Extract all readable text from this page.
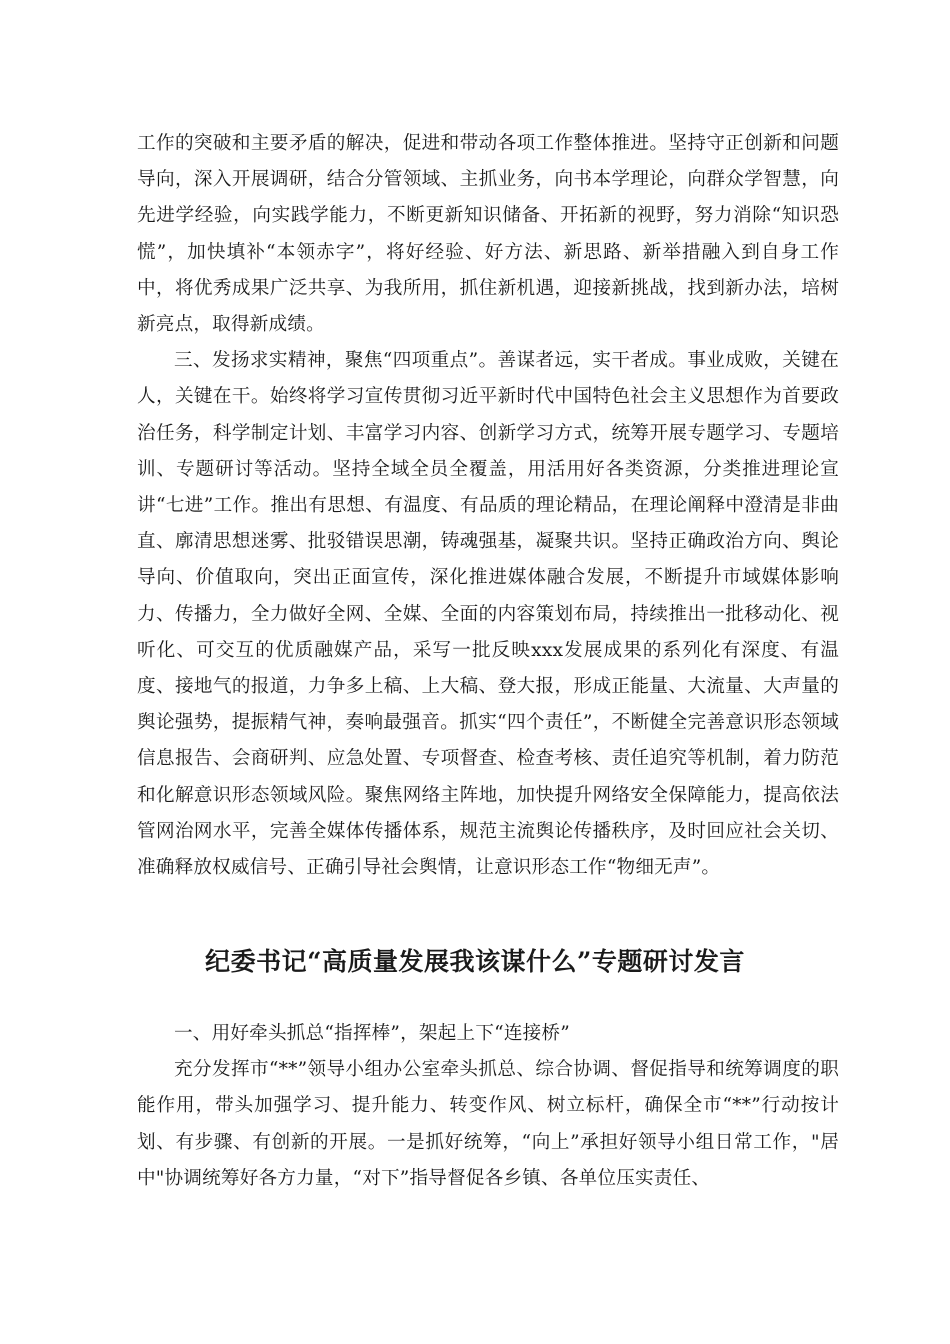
工作的突破和主要矛盾的解决，促进和带动各项工作整体推进。坚持守正创新和问题导向，深入开展调研，结合分管领域、主抓业务，向书本学理论，向群众学智慧，向先进学经验，向实践学能力，不断更新知识储备、开拓新的视野，努力消除“知识恐慌”，加快填补“本领赤字”，将好经验、好方法、新思路、新举措融入到自身工作中，将优秀成果广泛共享、为我所用，抓住新机遇，迎接新挑战，找到新办法，培树新亮点，取得新成绩。

三、发扬求实精神，聚焦“四项重点”。善谋者远，实干者成。事业成败，关键在人，关键在干。始终将学习宣传贯彻习近平新时代中国特色社会主义思想作为首要政治任务，科学制定计划、丰富学习内容、创新学习方式，统筹开展专题学习、专题培训、专题研讨等活动。坚持全域全员全覆盖，用活用好各类资源，分类推进理论宣讲“七进”工作。推出有思想、有温度、有品质的理论精品，在理论阐释中澄清是非曲直、廓清思想迷雾、批驳错误思潮，铸魂强基，凝聚共识。坚持正确政治方向、舆论导向、价值取向，突出正面宣传，深化推进媒体融合发展，不断提升市域媒体影响力、传播力，全力做好全网、全媒、全面的内容策划布局，持续推出一批移动化、视听化、可交互的优质融媒产品，采写一批反映xxx发展成果的系列化有深度、有温度、接地气的报道，力争多上稿、上大稿、登大报，形成正能量、大流量、大声量的舆论强势，提振精气神，奏响最强音。抓实“四个责任”，不断健全完善意识形态领域信息报告、会商研判、应急处置、专项督查、检查考核、责任追究等机制，着力防范和化解意识形态领域风险。聚焦网络主阵地，加快提升网络安全保障能力，提高依法管网治网水平，完善全媒体传播体系，规范主流舆论传播秩序，及时回应社会关切、准确释放权威信号、正确引导社会舆情，让意识形态工作“物细无声”。

纪委书记“高质量发展我该谋什么”专题研讨发言

一、用好牵头抓总“指挥棒”，架起上下“连接桥”

充分发挥市“**”领导小组办公室牵头抓总、综合协调、督促指导和统筹调度的职能作用，带头加强学习、提升能力、转变作风、树立标杆，确保全市“**”行动按计划、有步骤、有创新的开展。一是抓好统筹，“向上”承担好领导小组日常工作，"居中"协调统筹好各方力量，“对下”指导督促各乡镇、各单位压实责任、
